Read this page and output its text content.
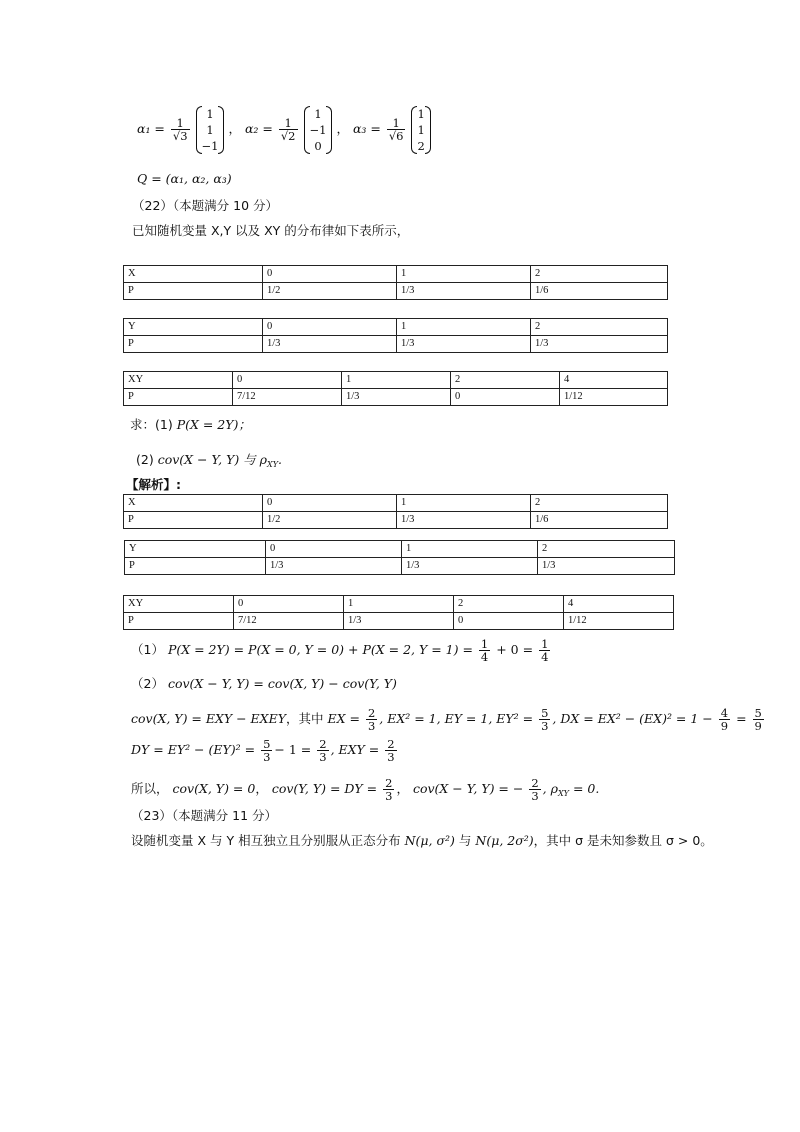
$\alpha_1 = \frac{1}{√3}$

1
1
−1
， $\alpha_2 = \frac{1}{√2}$

1
−1
0
， $\alpha_3 = \frac{1}{√6}$

1
1
2
Q = (α₁, α₂, α₃)
（22）（本题满分 10 分）
已知随机变量 X,Y 以及 XY 的分布律如下表所示，
X	0	1	2
P	1/2	1/3	1/6
Y	0	1	2
P	1/3	1/3	1/3
XY	0	1	2	4
P	7/12	1/3	0	1/12
求：(1) P(X = 2Y)；
(2) cov(X − Y, Y) 与 $\rho_{XY}$.
【解析】:
X	0	1	2
P	1/2	1/3	1/6
Y	0	1	2
P	1/3	1/3	1/3
XY	0	1	2	4
P	7/12	1/3	0	1/12
（1） P(X = 2Y) = P(X = 0, Y = 0) + P(X = 2, $Y = 1) = \frac{1}{4} + 0 = \frac{1}{4}$
（2） cov(X − Y, Y) = cov(X, Y) − cov(Y, Y)
cov(X, Y) = EXY − EXEY，其中 EX = $\frac{2}{3}$ , EX² = 1, EY = 1, $EY^2 = \frac{5}{3}$ , DX = $EX^2 - (EX)^2 = 1 - \frac{4}{9} = \frac{5}{9}$
DY = $EY^2 - (EY)^2 = \frac{5}{3} - 1 = \frac{2}{3}$ , EXY = $\frac{2}{3}$
所以， cov(X, Y) = 0， cov(Y, Y) = DY = $\frac{2}{3}$ ， cov(X − Y, Y) = − $\frac{2}{3}$ , $\rho_{XY} = 0$.
（23）（本题满分 11 分）
设随机变量 X 与 Y 相互独立且分别服从正态分布 N(μ, σ²) 与 N(μ, 2σ²)，其中 σ 是未知参数且 σ > 0。
